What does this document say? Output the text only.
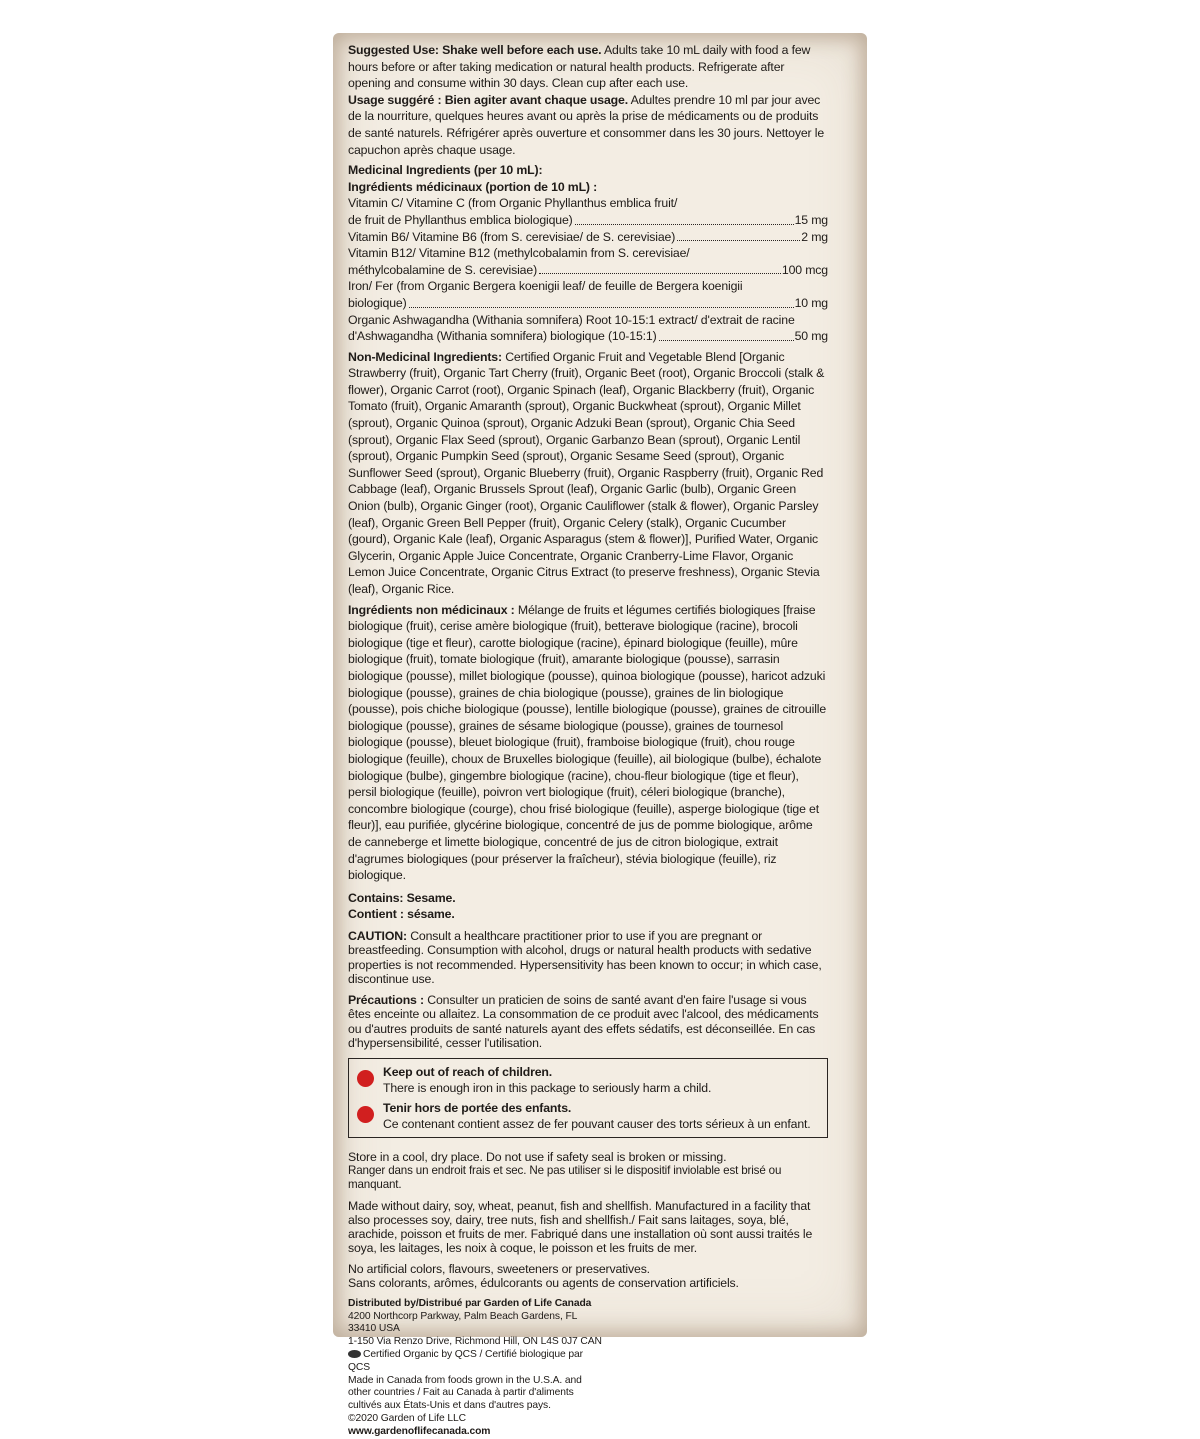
Suggested Use: Shake well before each use. Adults take 10 mL daily with food a few hours before or after taking medication or natural health products. Refrigerate after opening and consume within 30 days. Clean cup after each use.

Usage suggéré : Bien agiter avant chaque usage. Adultes prendre 10 ml par jour avec de la nourriture, quelques heures avant ou après la prise de médicaments ou de produits de santé naturels. Réfrigérer après ouverture et consommer dans les 30 jours. Nettoyer le capuchon après chaque usage.

Medicinal Ingredients (per 10 mL):

Ingrédients médicinaux (portion de 10 mL) :

Vitamin C/ Vitamine C (from Organic Phyllanthus emblica fruit/
de fruit de Phyllanthus emblica biologique)	15 mg
Vitamin B6/ Vitamine B6 (from S. cerevisiae/ de S. cerevisiae)	2 mg
Vitamin B12/ Vitamine B12 (methylcobalamin from S. cerevisiae/
méthylcobalamine de S. cerevisiae)	100 mcg
Iron/ Fer (from Organic Bergera koenigii leaf/ de feuille de Bergera koenigii
biologique)	10 mg
Organic Ashwagandha (Withania somnifera) Root 10-15:1 extract/ d'extrait de racine
d'Ashwagandha (Withania somnifera) biologique (10-15:1)	50 mg

Non-Medicinal Ingredients: Certified Organic Fruit and Vegetable Blend [Organic Strawberry (fruit), Organic Tart Cherry (fruit), Organic Beet (root), Organic Broccoli (stalk & flower), Organic Carrot (root), Organic Spinach (leaf), Organic Blackberry (fruit), Organic Tomato (fruit), Organic Amaranth (sprout), Organic Buckwheat (sprout), Organic Millet (sprout), Organic Quinoa (sprout), Organic Adzuki Bean (sprout), Organic Chia Seed (sprout), Organic Flax Seed (sprout), Organic Garbanzo Bean (sprout), Organic Lentil (sprout), Organic Pumpkin Seed (sprout), Organic Sesame Seed (sprout), Organic Sunflower Seed (sprout), Organic Blueberry (fruit), Organic Raspberry (fruit), Organic Red Cabbage (leaf), Organic Brussels Sprout (leaf), Organic Garlic (bulb), Organic Green Onion (bulb), Organic Ginger (root), Organic Cauliflower (stalk & flower), Organic Parsley (leaf), Organic Green Bell Pepper (fruit), Organic Celery (stalk), Organic Cucumber (gourd), Organic Kale (leaf), Organic Asparagus (stem & flower)], Purified Water, Organic Glycerin, Organic Apple Juice Concentrate, Organic Cranberry-Lime Flavor, Organic Lemon Juice Concentrate, Organic Citrus Extract (to preserve freshness), Organic Stevia (leaf), Organic Rice.

Ingrédients non médicinaux : Mélange de fruits et légumes certifiés biologiques [fraise biologique (fruit), cerise amère biologique (fruit), betterave biologique (racine), brocoli biologique (tige et fleur), carotte biologique (racine), épinard biologique (feuille), mûre biologique (fruit), tomate biologique (fruit), amarante biologique (pousse), sarrasin biologique (pousse), millet biologique (pousse), quinoa biologique (pousse), haricot adzuki biologique (pousse), graines de chia biologique (pousse), graines de lin biologique (pousse), pois chiche biologique (pousse), lentille biologique (pousse), graines de citrouille biologique (pousse), graines de sésame biologique (pousse), graines de tournesol biologique (pousse), bleuet biologique (fruit), framboise biologique (fruit), chou rouge biologique (feuille), choux de Bruxelles biologique (feuille), ail biologique (bulbe), échalote biologique (bulbe), gingembre biologique (racine), chou-fleur biologique (tige et fleur), persil biologique (feuille), poivron vert biologique (fruit), céleri biologique (branche), concombre biologique (courge), chou frisé biologique (feuille), asperge biologique (tige et fleur)], eau purifiée, glycérine biologique, concentré de jus de pomme biologique, arôme de canneberge et limette biologique, concentré de jus de citron biologique, extrait d'agrumes biologiques (pour préserver la fraîcheur), stévia biologique (feuille), riz biologique.

Contains: Sesame.

Contient : sésame.

CAUTION: Consult a healthcare practitioner prior to use if you are pregnant or breastfeeding. Consumption with alcohol, drugs or natural health products with sedative properties is not recommended. Hypersensitivity has been known to occur; in which case, discontinue use.

Précautions : Consulter un praticien de soins de santé avant d'en faire l'usage si vous êtes enceinte ou allaitez. La consommation de ce produit avec l'alcool, des médicaments ou d'autres produits de santé naturels ayant des effets sédatifs, est déconseillée. En cas d'hypersensibilité, cesser l'utilisation.

Keep out of reach of children.
There is enough iron in this package to seriously harm a child.
Tenir hors de portée des enfants.
Ce contenant contient assez de fer pouvant causer des torts sérieux à un enfant.
Store in a cool, dry place. Do not use if safety seal is broken or missing.
Ranger dans un endroit frais et sec. Ne pas utiliser si le dispositif inviolable est brisé ou manquant.

Made without dairy, soy, wheat, peanut, fish and shellfish. Manufactured in a facility that also processes soy, dairy, tree nuts, fish and shellfish./ Fait sans laitages, soya, blé, arachide, poisson et fruits de mer. Fabriqué dans une installation où sont aussi traités le soya, les laitages, les noix à coque, le poisson et les fruits de mer.

No artificial colors, flavours, sweeteners or preservatives.
Sans colorants, arômes, édulcorants ou agents de conservation artificiels.
Distributed by/Distribué par Garden of Life Canada
4200 Northcorp Parkway, Palm Beach Gardens, FL 33410 USA
1-150 Via Renzo Drive, Richmond Hill, ON L4S 0J7 CAN
Certified Organic by QCS / Certifié biologique par QCS
Made in Canada from foods grown in the U.S.A. and other countries / Fait au Canada à partir d'aliments cultivés aux États-Unis et dans d'autres pays.
©2020 Garden of Life LLC  www.gardenoflifecanada.com
